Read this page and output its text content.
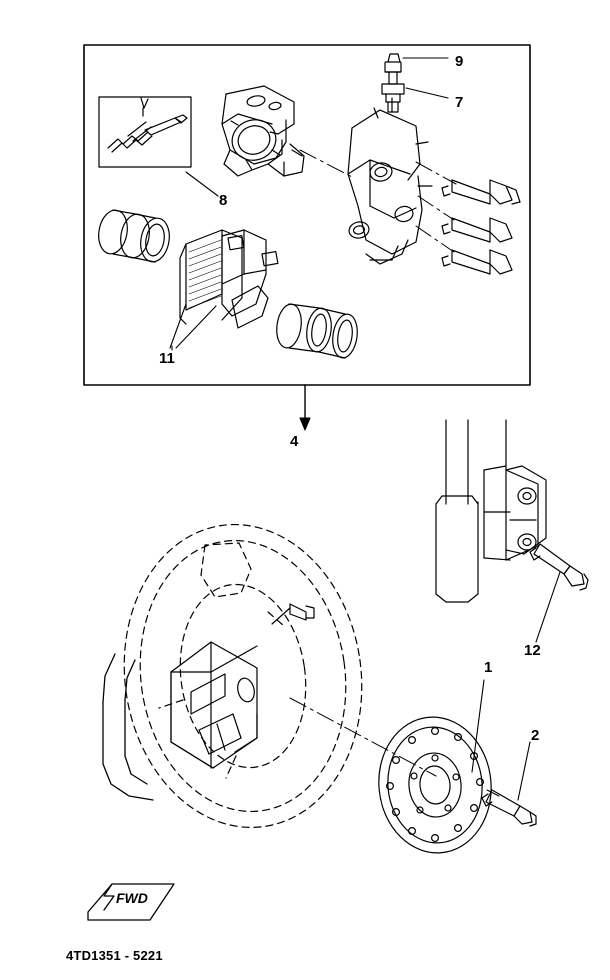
9
7
8
11
4
12
1
2
FWD
4TD1351 - 5221
